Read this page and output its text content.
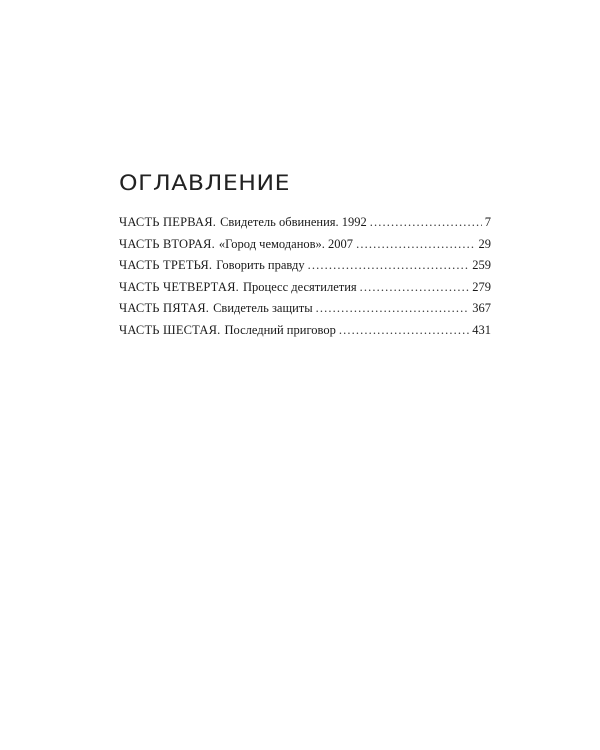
ОГЛАВЛЕНИЕ
ЧАСТЬ ПЕРВАЯ. Свидетель обвинения. 1992 . . .	7
ЧАСТЬ ВТОРАЯ. «Город чемоданов». 2007 . . .	29
ЧАСТЬ ТРЕТЬЯ. Говорить правду . . .	259
ЧАСТЬ ЧЕТВЕРТАЯ. Процесс десятилетия . . .	279
ЧАСТЬ ПЯТАЯ. Свидетель защиты . . .	367
ЧАСТЬ ШЕСТАЯ. Последний приговор . . .	431
